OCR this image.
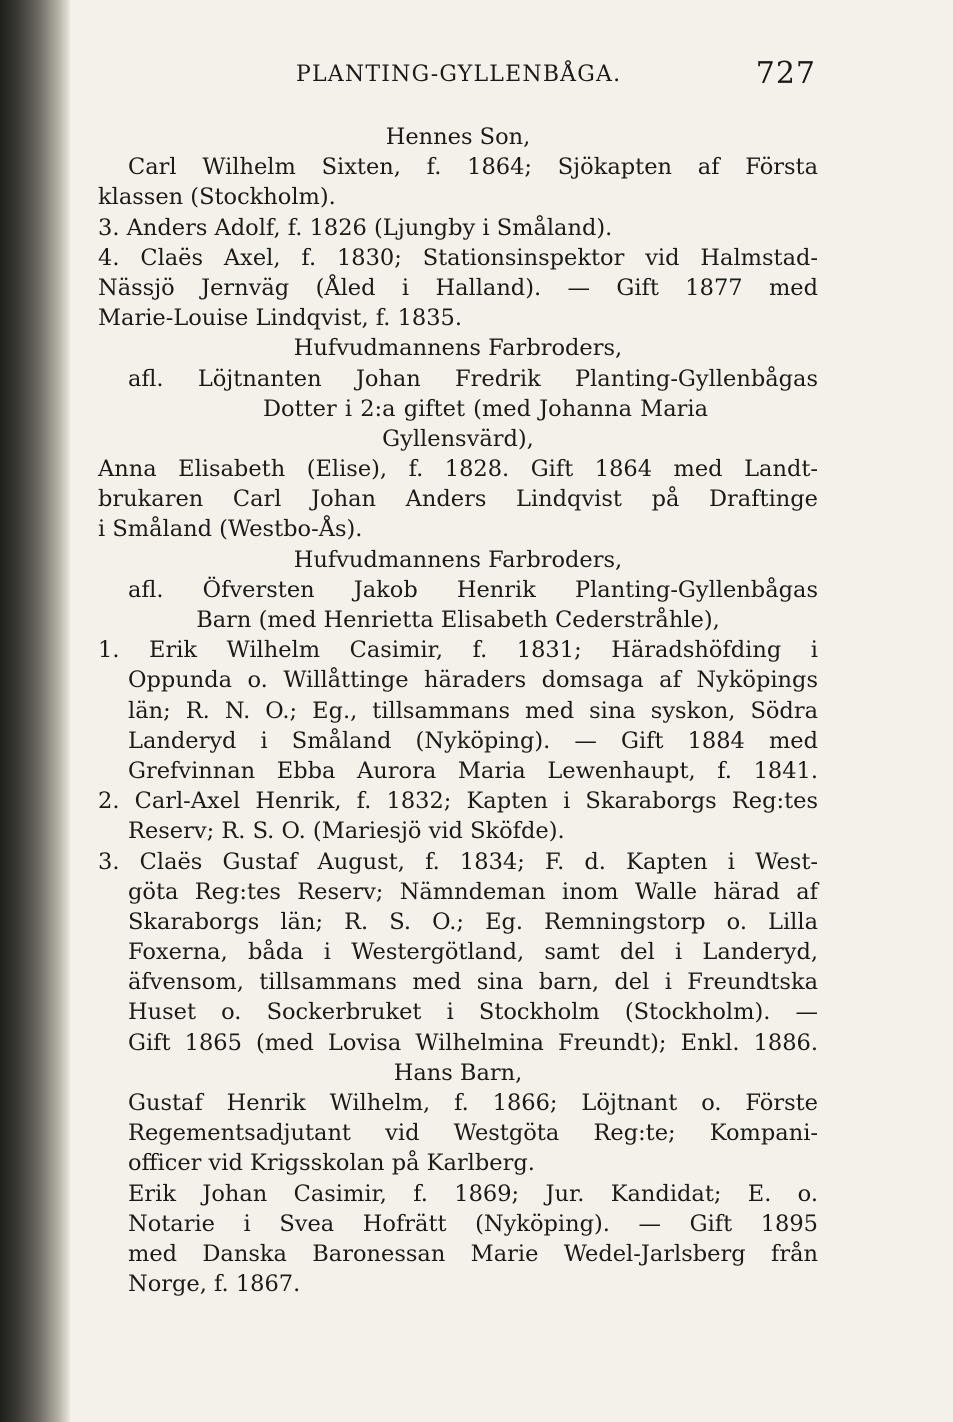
PLANTING-GYLLENBÅGA.	727
Hennes Son,
Carl Wilhelm Sixten, f. 1864; Sjökapten af Första
klassen (Stockholm).
3. Anders Adolf, f. 1826 (Ljungby i Småland).
4. Claës Axel, f. 1830; Stationsinspektor vid Halmstad-
Nässjö Jernväg (Åled i Halland). — Gift 1877 med
Marie-Louise Lindqvist, f. 1835.
Hufvudmannens Farbroders,
afl. Löjtnanten Johan Fredrik Planting-Gyllenbågas
Dotter i 2:a giftet (med Johanna Maria
Gyllensvärd),
Anna Elisabeth (Elise), f. 1828. Gift 1864 med Landt-
brukaren Carl Johan Anders Lindqvist på Draftinge
i Småland (Westbo-Ås).
Hufvudmannens Farbroders,
afl. Öfversten Jakob Henrik Planting-Gyllenbågas
Barn (med Henrietta Elisabeth Cederstråhle),
1. Erik Wilhelm Casimir, f. 1831; Häradshöfding i
Oppunda o. Willåttinge häraders domsaga af Nyköpings
län; R. N. O.; Eg., tillsammans med sina syskon, Södra
Landeryd i Småland (Nyköping). — Gift 1884 med
Grefvinnan Ebba Aurora Maria Lewenhaupt, f. 1841.
2. Carl-Axel Henrik, f. 1832; Kapten i Skaraborgs Reg:tes
Reserv; R. S. O. (Mariesjö vid Sköfde).
3. Claës Gustaf August, f. 1834; F. d. Kapten i West-
göta Reg:tes Reserv; Nämndeman inom Walle härad af
Skaraborgs län; R. S. O.; Eg. Remningstorp o. Lilla
Foxerna, båda i Westergötland, samt del i Landeryd,
äfvensom, tillsammans med sina barn, del i Freundtska
Huset o. Sockerbruket i Stockholm (Stockholm). —
Gift 1865 (med Lovisa Wilhelmina Freundt); Enkl. 1886.
Hans Barn,
Gustaf Henrik Wilhelm, f. 1866; Löjtnant o. Förste
Regementsadjutant vid Westgöta Reg:te; Kompani-
officer vid Krigsskolan på Karlberg.
Erik Johan Casimir, f. 1869; Jur. Kandidat; E. o.
Notarie i Svea Hofrätt (Nyköping). — Gift 1895
med Danska Baronessan Marie Wedel-Jarlsberg från
Norge, f. 1867.
